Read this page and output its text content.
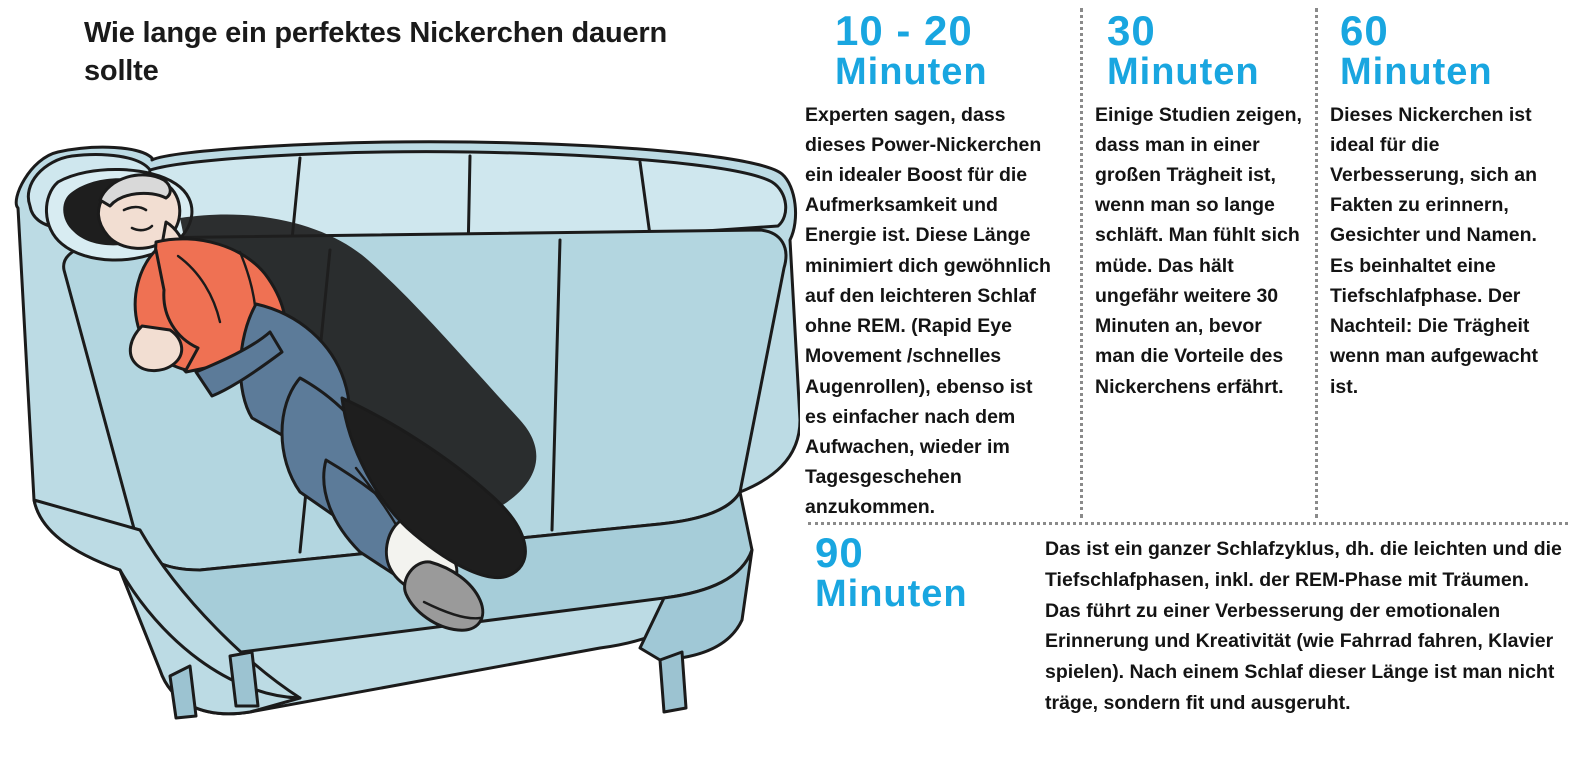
Wie lange ein perfektes Nickerchen dauern sollte
10 - 20
Minuten
Experten sagen, dass dieses Power-Nickerchen ein idealer Boost für die Aufmerksamkeit und Energie ist. Diese Länge minimiert dich gewöhnlich auf den leichteren Schlaf ohne REM. (Rapid Eye Movement /schnelles Augenrollen), ebenso ist es einfacher nach dem Aufwachen, wieder im Tagesgeschehen anzukommen.
30
Minuten
Einige Studien zeigen, dass man in einer großen Trägheit ist, wenn man so lange schläft. Man fühlt sich müde. Das hält ungefähr weitere 30 Minuten an, bevor man die Vorteile des Nickerchens erfährt.
60
Minuten
Dieses Nickerchen ist ideal für die Verbesserung, sich an Fakten zu erinnern, Gesichter und Namen. Es beinhaltet eine Tiefschlafphase. Der Nachteil: Die Trägheit wenn man aufgewacht ist.
90
Minuten
Das ist ein ganzer Schlafzyklus, dh. die leichten und die Tiefschlafphasen, inkl. der REM-Phase mit Träumen. Das führt zu einer Verbesserung der emotionalen Erinnerung und Kreativität (wie Fahrrad fahren, Klavier spielen). Nach einem Schlaf dieser Länge ist man nicht träge, sondern fit und ausgeruht.
